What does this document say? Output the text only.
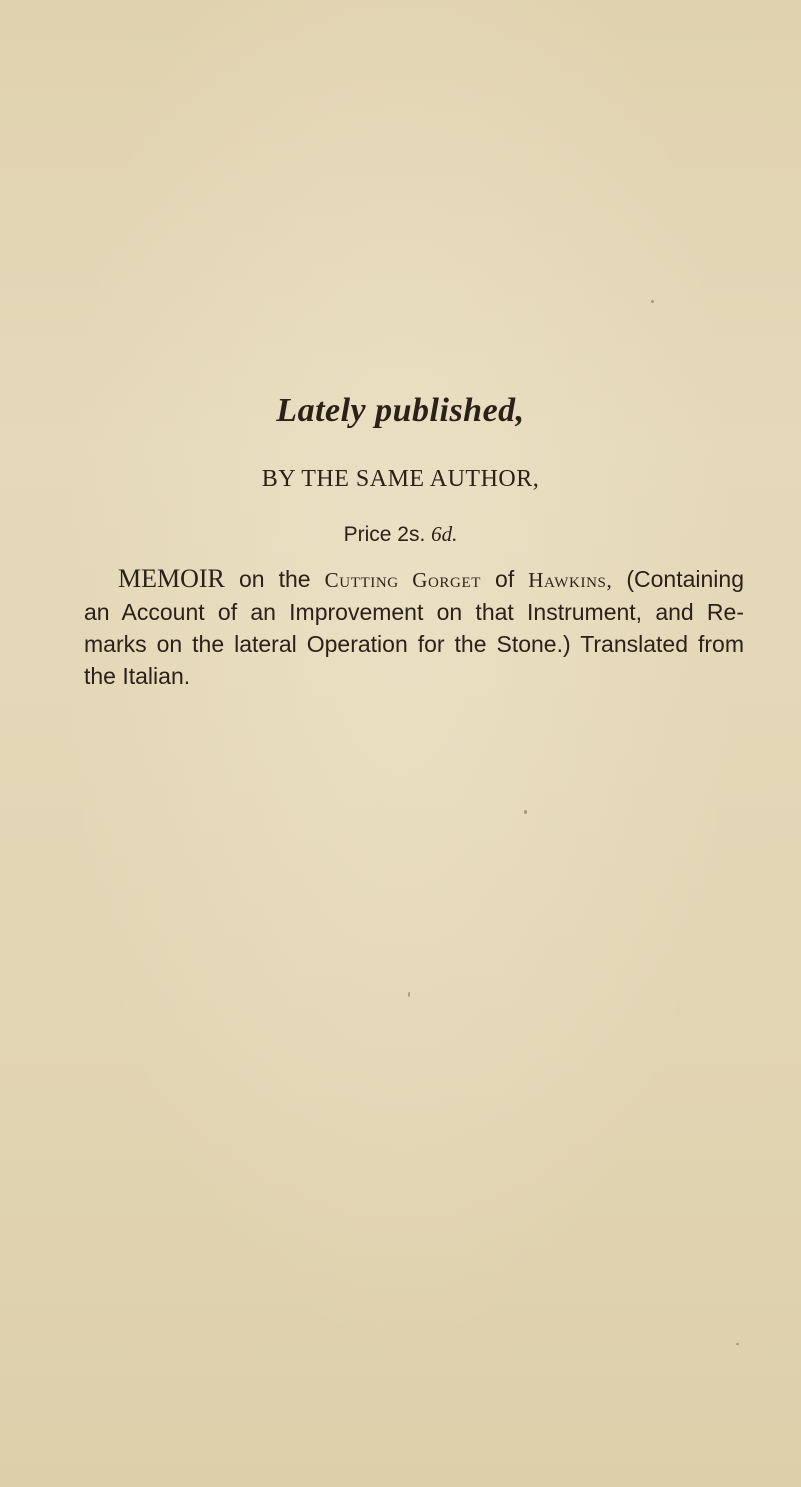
Lately published,
BY THE SAME AUTHOR,
Price 2s. 6d.
MEMOIR on the Cutting Gorget of Hawkins, (Containing
an Account of an Improvement on that Instrument, and Re-
marks on the lateral Operation for the Stone.) Translated from
the Italian.
